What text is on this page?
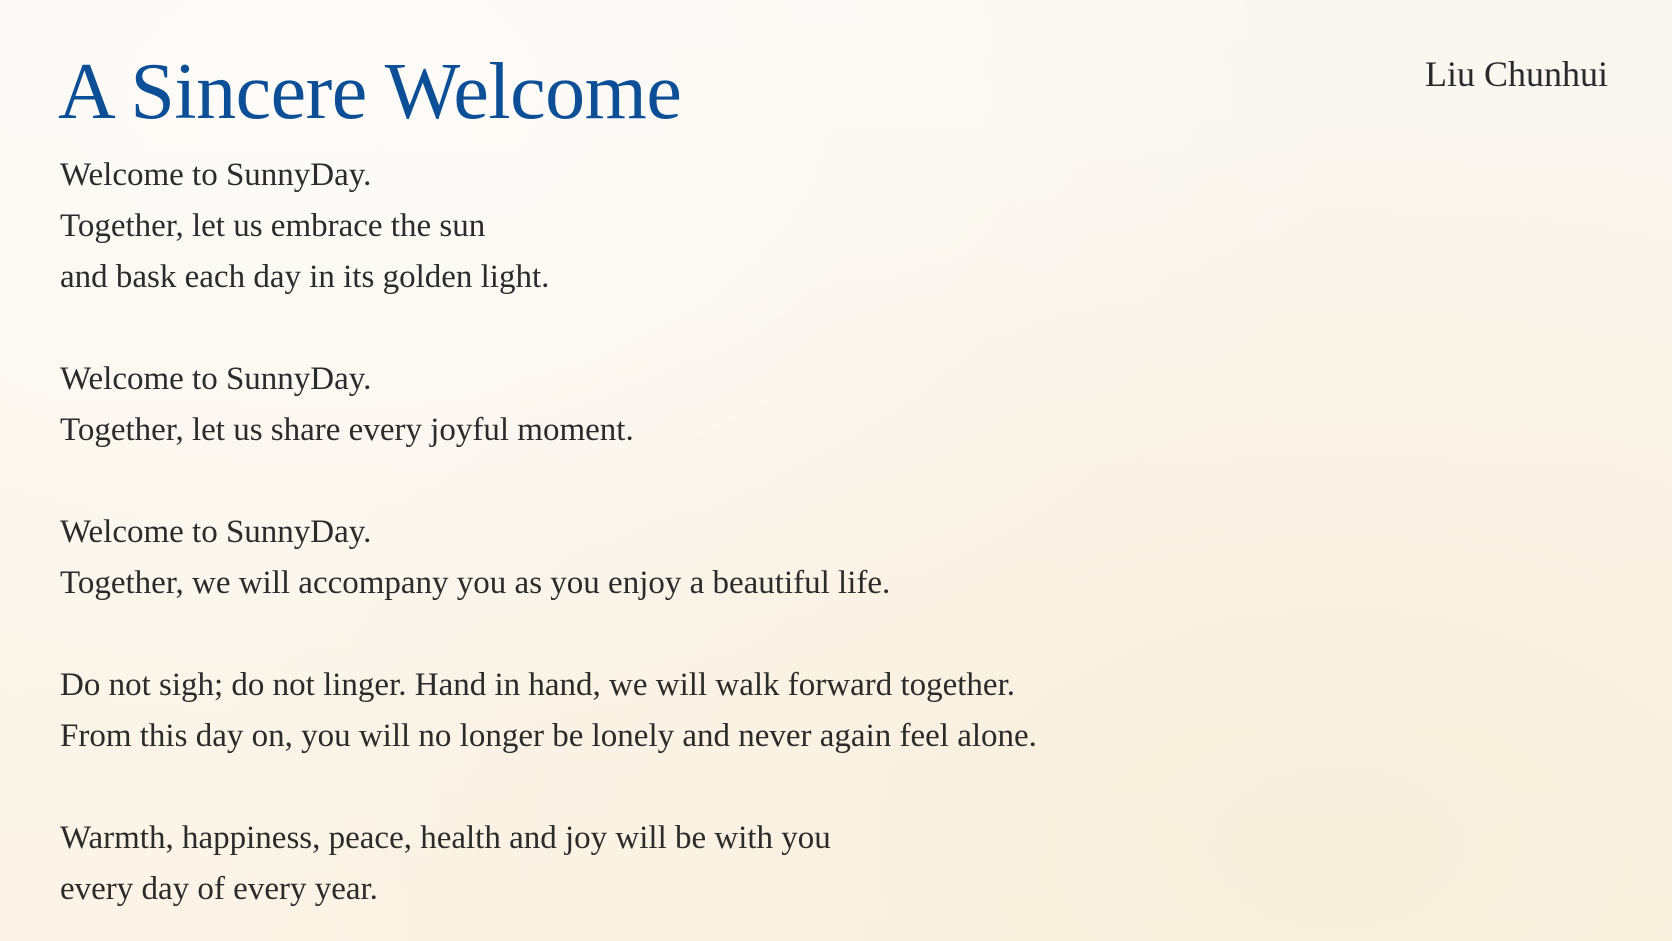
A Sincere Welcome	Liu Chunhui
Welcome to SunnyDay.
Together, let us embrace the sun
and bask each day in its golden light.
Welcome to SunnyDay.
Together, let us share every joyful moment.
Welcome to SunnyDay.
Together, we will accompany you as you enjoy a beautiful life.
Do not sigh; do not linger. Hand in hand, we will walk forward together.
From this day on, you will no longer be lonely and never again feel alone.
Warmth, happiness, peace, health and joy will be with you
every day of every year.
